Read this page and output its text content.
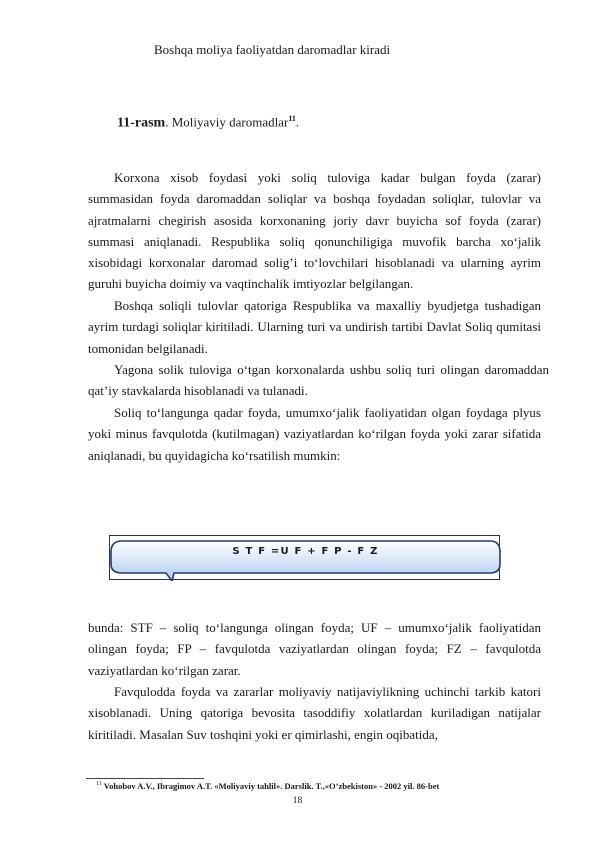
Boshqa moliya faoliyatdan daromadlar kiradi
11-rasm. Moliyaviy daromadlar$^{11}$.
Korxona xisob foydasi yoki soliq tuloviga kadar bulgan foyda (zarar) summasidan foyda daromaddan soliqlar va boshqa foydadan soliqlar, tulovlar va ajratmalarni chegirish asosida korxonaning joriy davr buyicha sof foyda (zarar) summasi aniqlanadi. Respublika soliq qonunchiligiga muvofik barcha xo‘jalik xisobidagi korxonalar daromad solig’i to‘lovchilari hisoblanadi va ularning ayrim guruhi buyicha doimiy va vaqtinchalik imtiyozlar belgilangan.
Boshqa soliqli tulovlar qatoriga Respublika va maxalliy byudjetga tushadigan ayrim turdagi soliqlar kiritiladi. Ularning turi va undirish tartibi Davlat Soliq qumitasi tomonidan belgilanadi.
Yagona solik tuloviga o‘tgan korxonalarda ushbu soliq turi olingan daromaddan qat’iy stavkalarda hisoblanadi va tulanadi.
Soliq to‘langunga qadar foyda, umumxo‘jalik faoliyatidan olgan foydaga plyus yoki minus favqulotda (kutilmagan) vaziyatlardan ko‘rilgan foyda yoki zarar sifatida aniqlanadi, bu quyidagicha ko‘rsatilish mumkin:
S T F =U F + F P - F Z
bunda: STF – soliq to‘langunga olingan foyda; UF – umumxo‘jalik faoliyatidan olingan foyda; FP – favqulotda vaziyatlardan olingan foyda; FZ – favqulotda vaziyatlardan ko‘rilgan zarar.
Favqulodda foyda va zararlar moliyaviy natijaviylikning uchinchi tarkib katori xisoblanadi. Uning qatoriga bevosita tasoddifiy xolatlardan kuriladigan natijalar kiritiladi. Masalan Suv toshqini yoki er qimirlashi, engin oqibatida,
$^{11}$ Vohobov A.V., Ibragimov A.T. «Moliyaviy tahlil». Darslik. T.,«O’zbekiston» - 2002 yil. 86-bet
18
